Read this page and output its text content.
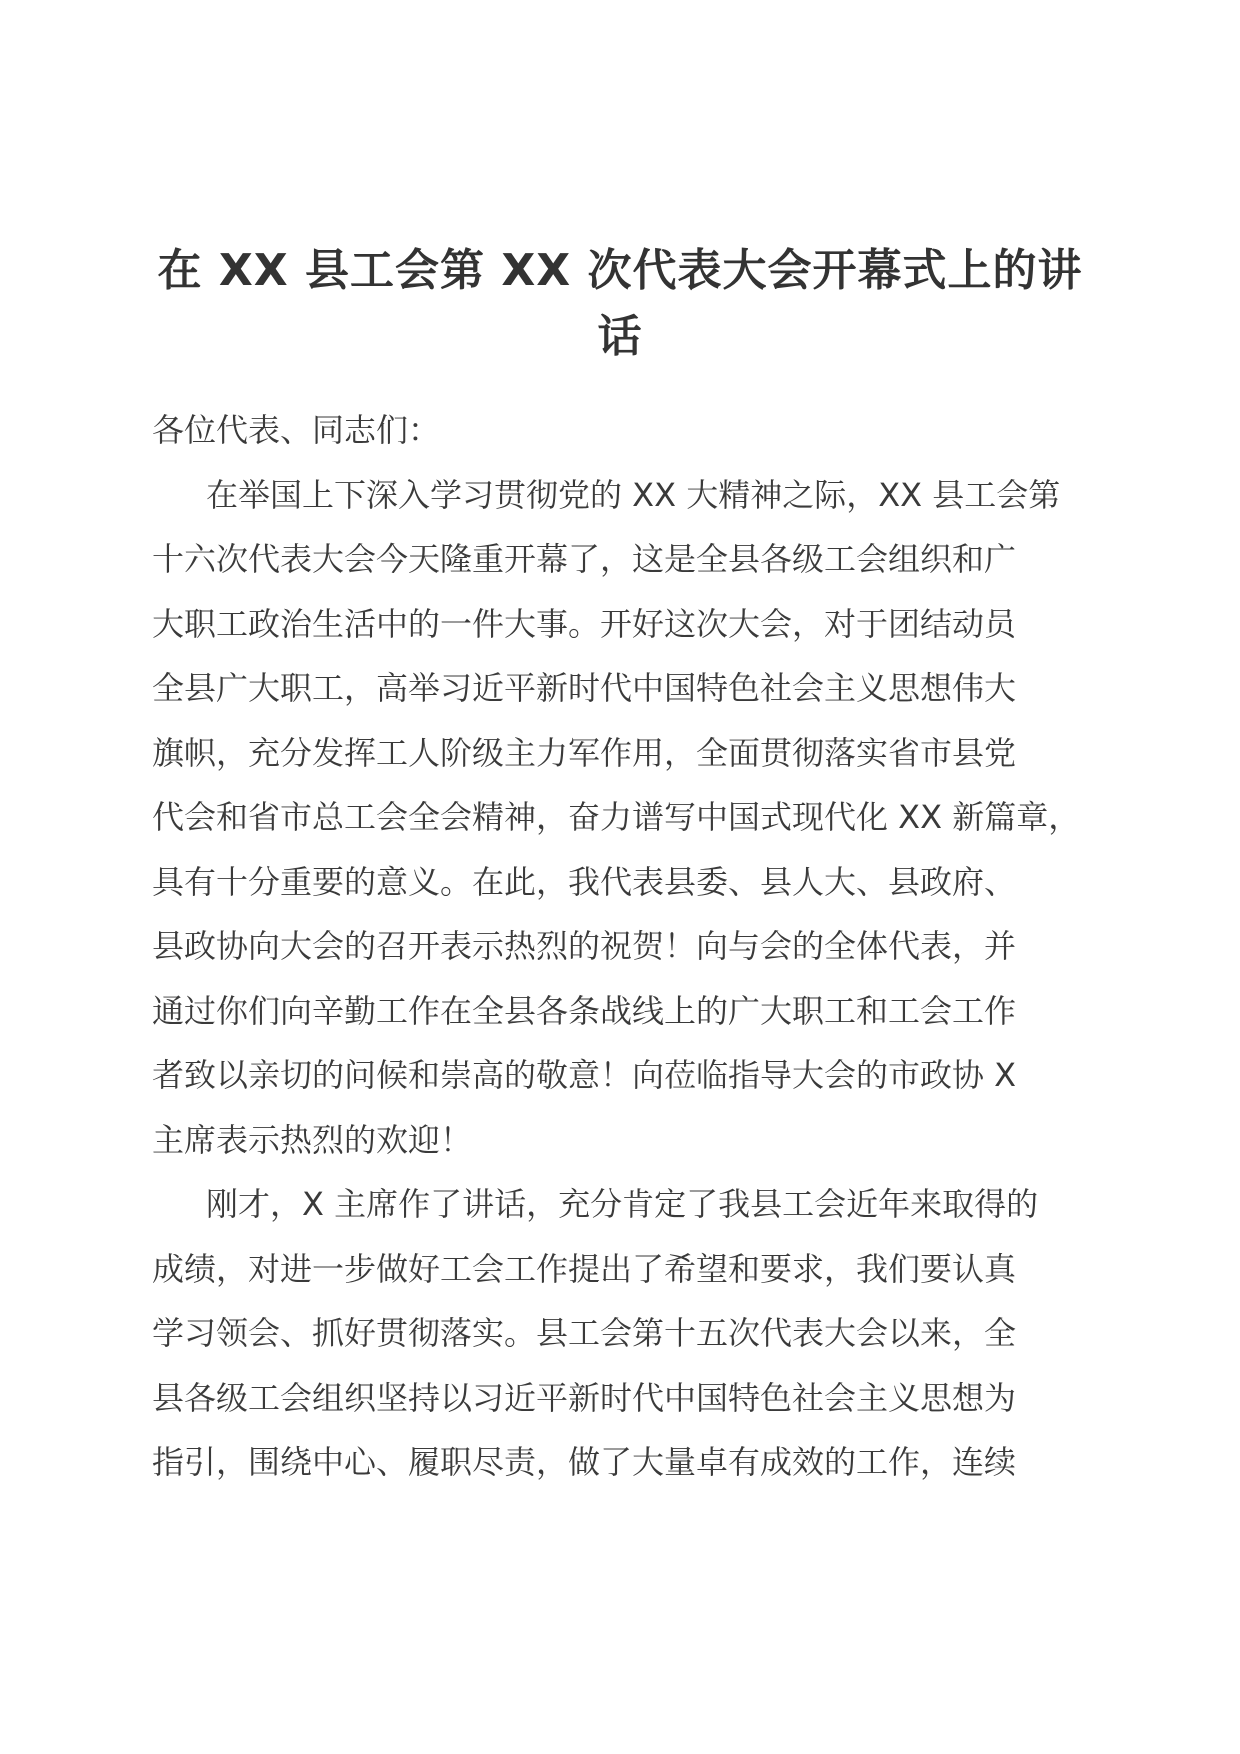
在 XX 县工会第 XX 次代表大会开幕式上的讲
话

各位代表、同志们：

在举国上下深入学习贯彻党的 XX 大精神之际，XX 县工会第
十六次代表大会今天隆重开幕了，这是全县各级工会组织和广
大职工政治生活中的一件大事。开好这次大会，对于团结动员
全县广大职工，高举习近平新时代中国特色社会主义思想伟大
旗帜，充分发挥工人阶级主力军作用，全面贯彻落实省市县党
代会和省市总工会全会精神，奋力谱写中国式现代化 XX 新篇章，
具有十分重要的意义。在此，我代表县委、县人大、县政府、
县政协向大会的召开表示热烈的祝贺！向与会的全体代表，并
通过你们向辛勤工作在全县各条战线上的广大职工和工会工作
者致以亲切的问候和崇高的敬意！向莅临指导大会的市政协 X
主席表示热烈的欢迎！

刚才，X 主席作了讲话，充分肯定了我县工会近年来取得的
成绩，对进一步做好工会工作提出了希望和要求，我们要认真
学习领会、抓好贯彻落实。县工会第十五次代表大会以来，全
县各级工会组织坚持以习近平新时代中国特色社会主义思想为
指引，围绕中心、履职尽责，做了大量卓有成效的工作，连续
